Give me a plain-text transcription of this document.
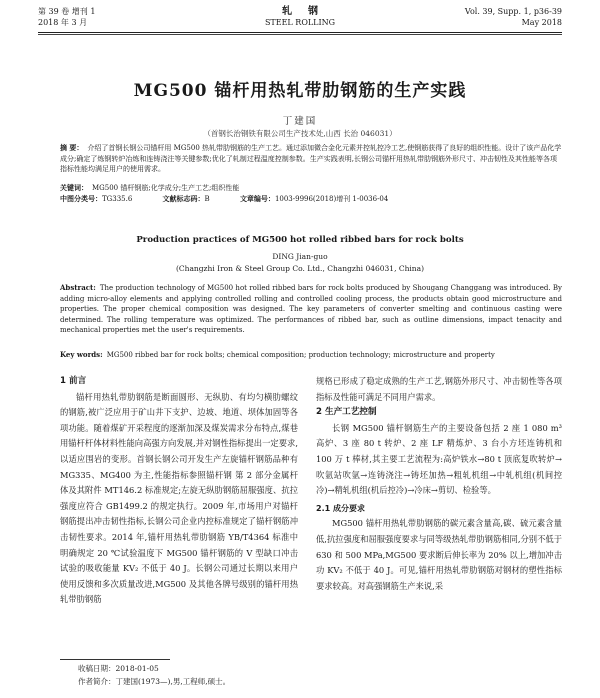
第 39 卷 增刊 1
2018 年 3 月
轧钢
STEEL ROLLING
Vol. 39, Supp. 1, p36-39
May 2018
MG500 锚杆用热轧带肋钢筋的生产实践
丁建国
（首钢长治钢铁有限公司生产技术处,山西 长治 046031）
摘 要： 介绍了首钢长钢公司锚杆用 MG500 热轧带肋钢筋的生产工艺。通过添加微合金化元素并控轧控冷工艺,使钢筋获得了良好的组织性能。设计了该产品化学成分;确定了炼钢转炉冶炼和连铸浇注等关键参数;优化了轧制过程温度控制参数。生产实践表明,长钢公司锚杆用热轧带肋钢筋外形尺寸、冲击韧性及其性能等各项指标性能均满足用户的使用需求。
关键词： MG500 锚杆钢筋;化学成分;生产工艺;组织性能
中图分类号：TG335.6	文献标志码：B	文章编号：1003-9996(2018)增刊 1-0036-04
Production practices of MG500 hot rolled ribbed bars for rock bolts
DING Jian-guo
(Changzhi Iron & Steel Group Co. Ltd., Changzhi 046031, China)
Abstract: The production technology of MG500 hot rolled ribbed bars for rock bolts produced by Shougang Changgang was introduced. By adding micro-alloy elements and applying controlled rolling and controlled cooling process, the products obtain good microstructure and properties. The proper chemical composition was designed. The key parameters of converter smelting and continuous casting were determined. The rolling temperature was optimized. The performances of ribbed bar, such as outline dimensions, impact tenacity and mechanical properties met the user's requirements.
Key words: MG500 ribbed bar for rock bolts; chemical composition; production technology; microstructure and property

1 前言

锚杆用热轧带肋钢筋是断面圆形、无纵肋、有均匀横肋螺纹的钢筋,被广泛应用于矿山井下支护、边坡、地道、坝体加固等各项功能。随着煤矿开采程度的逐渐加深及煤炭需求分布特点,煤巷用锚杆杆体材料性能向高强方向发展,并对钢性指标提出一定要求,以适应围岩的变形。首钢长钢公司开发生产左旋锚杆钢筋品种有 MG335、MG400 为主,性能指标参照锚杆钢 第 2 部分金属杆体及其附件 MT146.2 标准规定;左旋无纵肋钢筋屈服强度、抗拉强度应符合 GB1499.2 的规定执行。2009 年,市场用户对锚杆钢筋提出冲击韧性指标,长钢公司企业内控标准规定了锚杆钢筋冲击韧性要求。2014 年,锚杆用热轧带肋钢筋 YB/T4364 标准中明确规定 20 ℃试验温度下 MG500 锚杆钢筋的 V 型缺口冲击试验的吸收能量 KV₂ 不低于 40 J。长钢公司通过长期以来用户使用反馈和多次质量改进,MG500 及其他各牌号级别的锚杆用热轧带肋钢筋

规格已形成了稳定成熟的生产工艺,钢筋外形尺寸、冲击韧性等各项指标及性能可满足不同用户需求。

2 生产工艺控制

长钢 MG500 锚杆钢筋生产的主要设备包括 2 座 1 080 m³ 高炉、3 座 80 t 转炉、2 座 LF 精炼炉、3 台小方坯连铸机和 100 万 t 棒材,其主要工艺流程为:高炉铁水→80 t 顶底复吹转炉→吹氩站吹氩→连铸浇注→铸坯加热→粗轧机组→中轧机组(机间控冷)→精轧机组(机后控冷)→冷床→剪切、检验等。

2.1 成分要求

MG500 锚杆用热轧带肋钢筋的碳元素含量高,碳、硫元素含量低,抗拉强度和屈服强度要求与同等级热轧带肋钢筋相同,分别不低于 630 和 500 MPa,MG500 要求断后伸长率为 20% 以上,增加冲击功 KV₂ 不低于 40 J。可见,锚杆用热轧带肋钢筋对钢材的塑性指标要求较高。对高强钢筋生产来说,采

收稿日期：2018-01-05
作者简介：丁建国(1973—),男,工程师,硕士。
